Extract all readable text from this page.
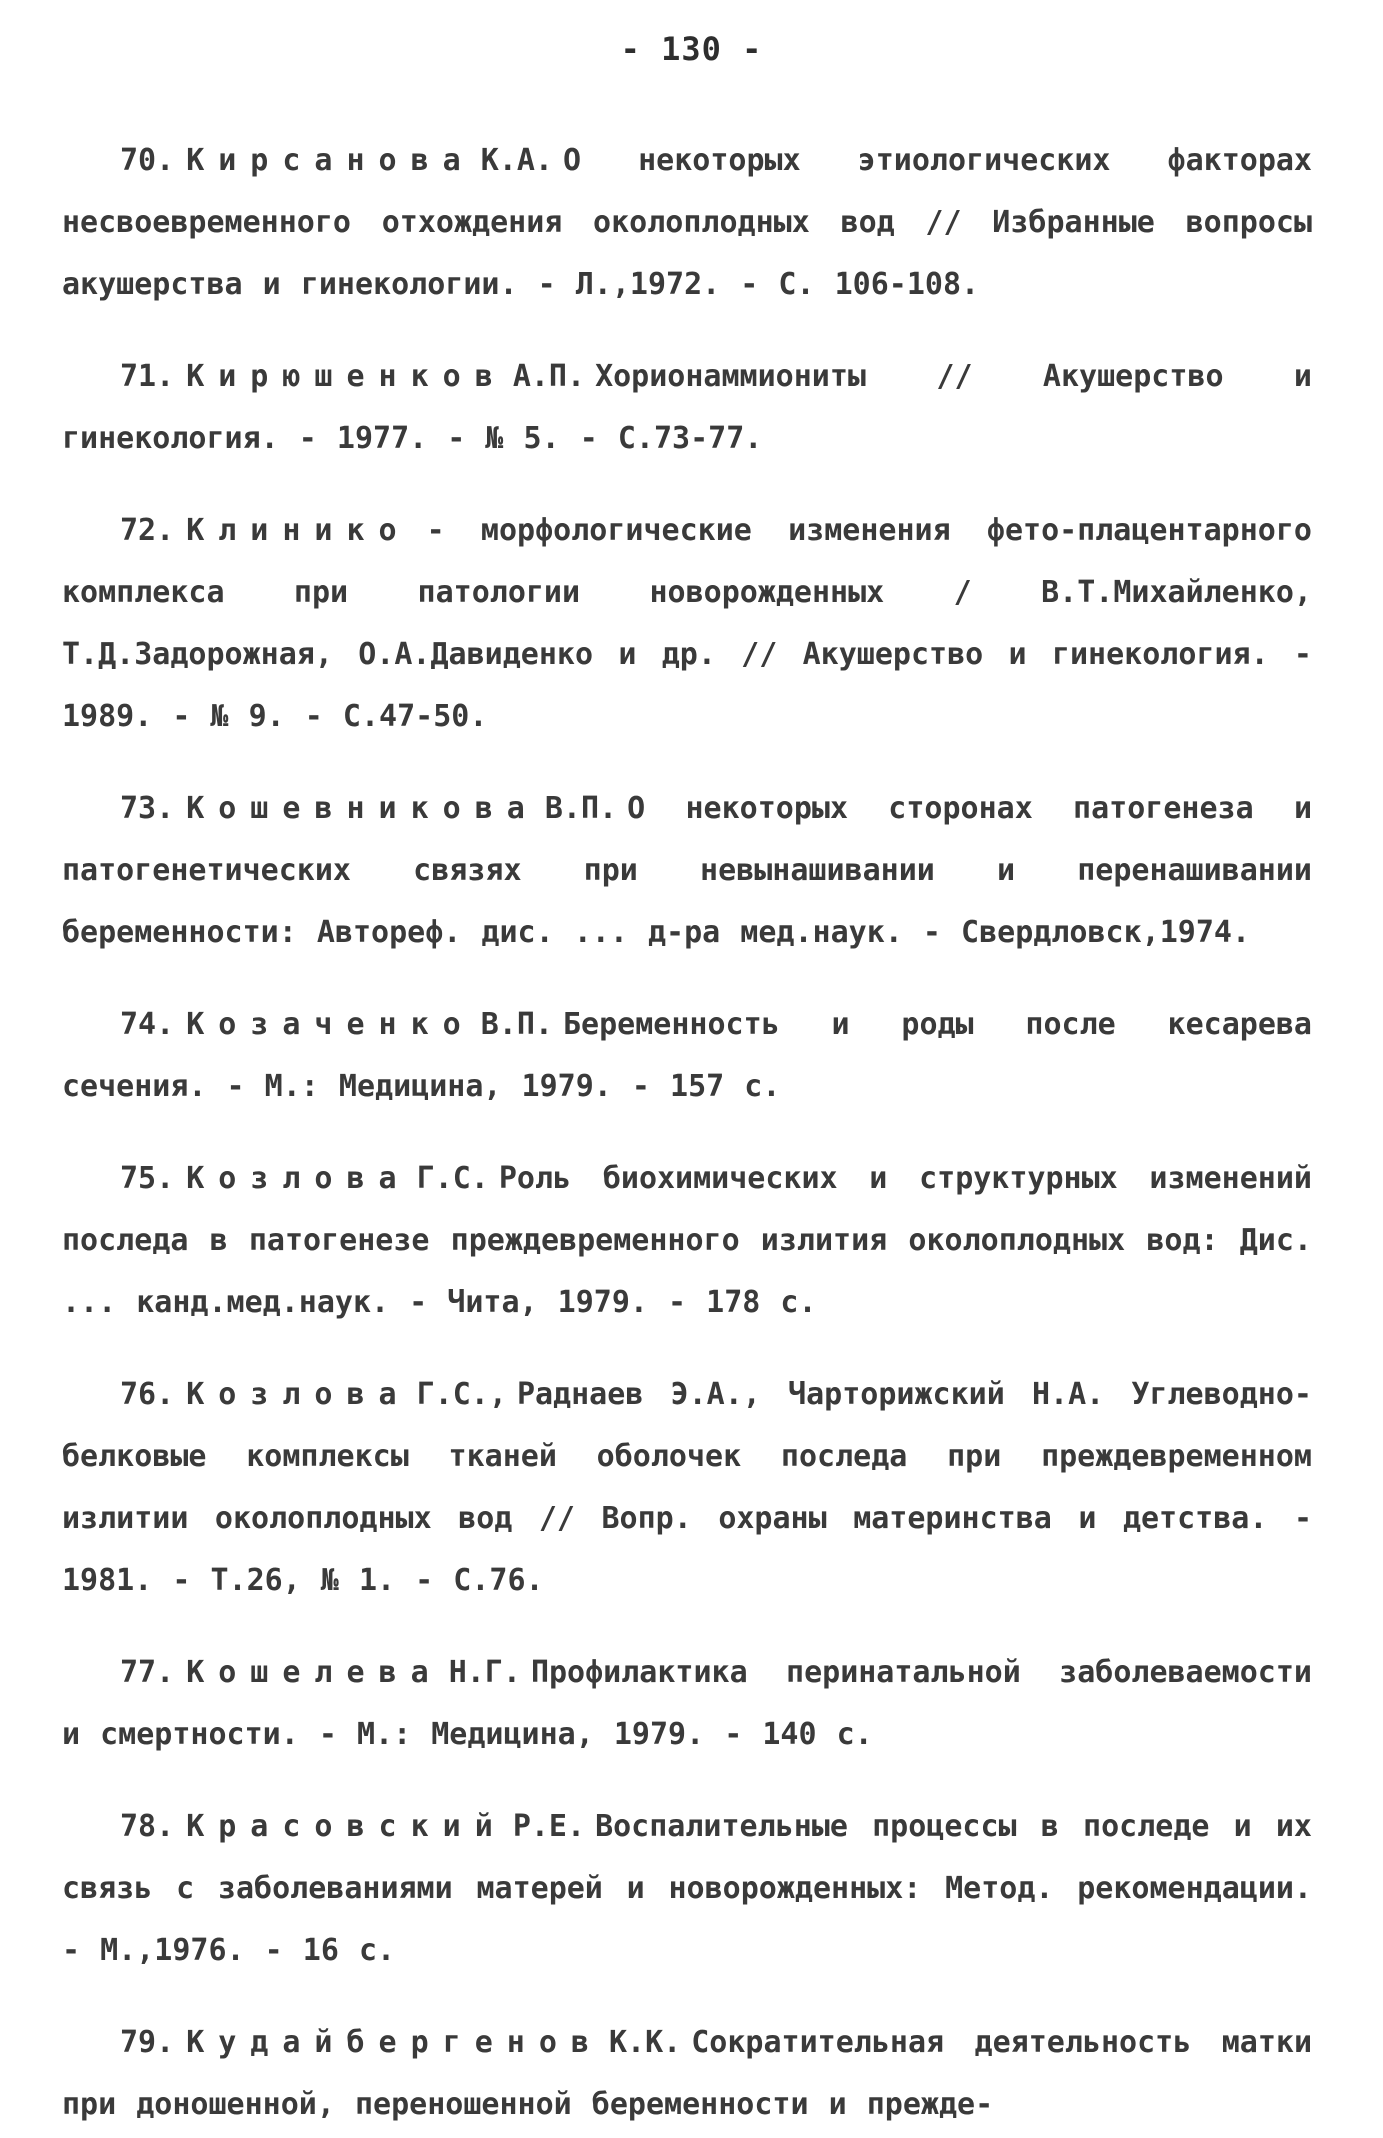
- 130 -

70. Кирсанова К.А. О некоторых этиологических факторах несвоевременного отхождения околоплодных вод // Избранные вопросы акушерства и гинекологии. - Л.,1972. - С. 106-108.

71. Кирюшенков А.П. Хорионаммиониты // Акушерство и гинекология. - 1977. - № 5. - С.73-77.

72. Клинико - морфологические изменения фето-плацентарного комплекса при патологии новорожденных / В.Т.Михайленко, Т.Д.Задорожная, О.А.Давиденко и др. // Акушерство и гинекология. - 1989. - № 9. - С.47-50.

73. Кошевникова В.П. О некоторых сторонах патогенеза и патогенетических связях при невынашивании и перенашивании беременности: Автореф. дис. ... д-ра мед.наук. - Свердловск,1974.

74. Козаченко В.П. Беременность и роды после кесарева сечения. - М.: Медицина, 1979. - 157 с.

75. Козлова Г.С. Роль биохимических и структурных изменений последа в патогенезе преждевременного излития околоплодных вод: Дис. ... канд.мед.наук. - Чита, 1979. - 178 с.

76. Козлова Г.С., Раднаев Э.А., Чарторижский Н.А. Углеводно-белковые комплексы тканей оболочек последа при преждевременном излитии околоплодных вод // Вопр. охраны материнства и детства. - 1981. - Т.26, № 1. - С.76.

77. Кошелева Н.Г. Профилактика перинатальной заболеваемости и смертности. - М.: Медицина, 1979. - 140 с.

78. Красовский Р.Е. Воспалительные процессы в последе и их связь с заболеваниями матерей и новорожденных: Метод. рекомендации. - М.,1976. - 16 с.

79. Кудайбергенов К.К. Сократительная деятельность матки при доношенной, переношенной беременности и прежде-
